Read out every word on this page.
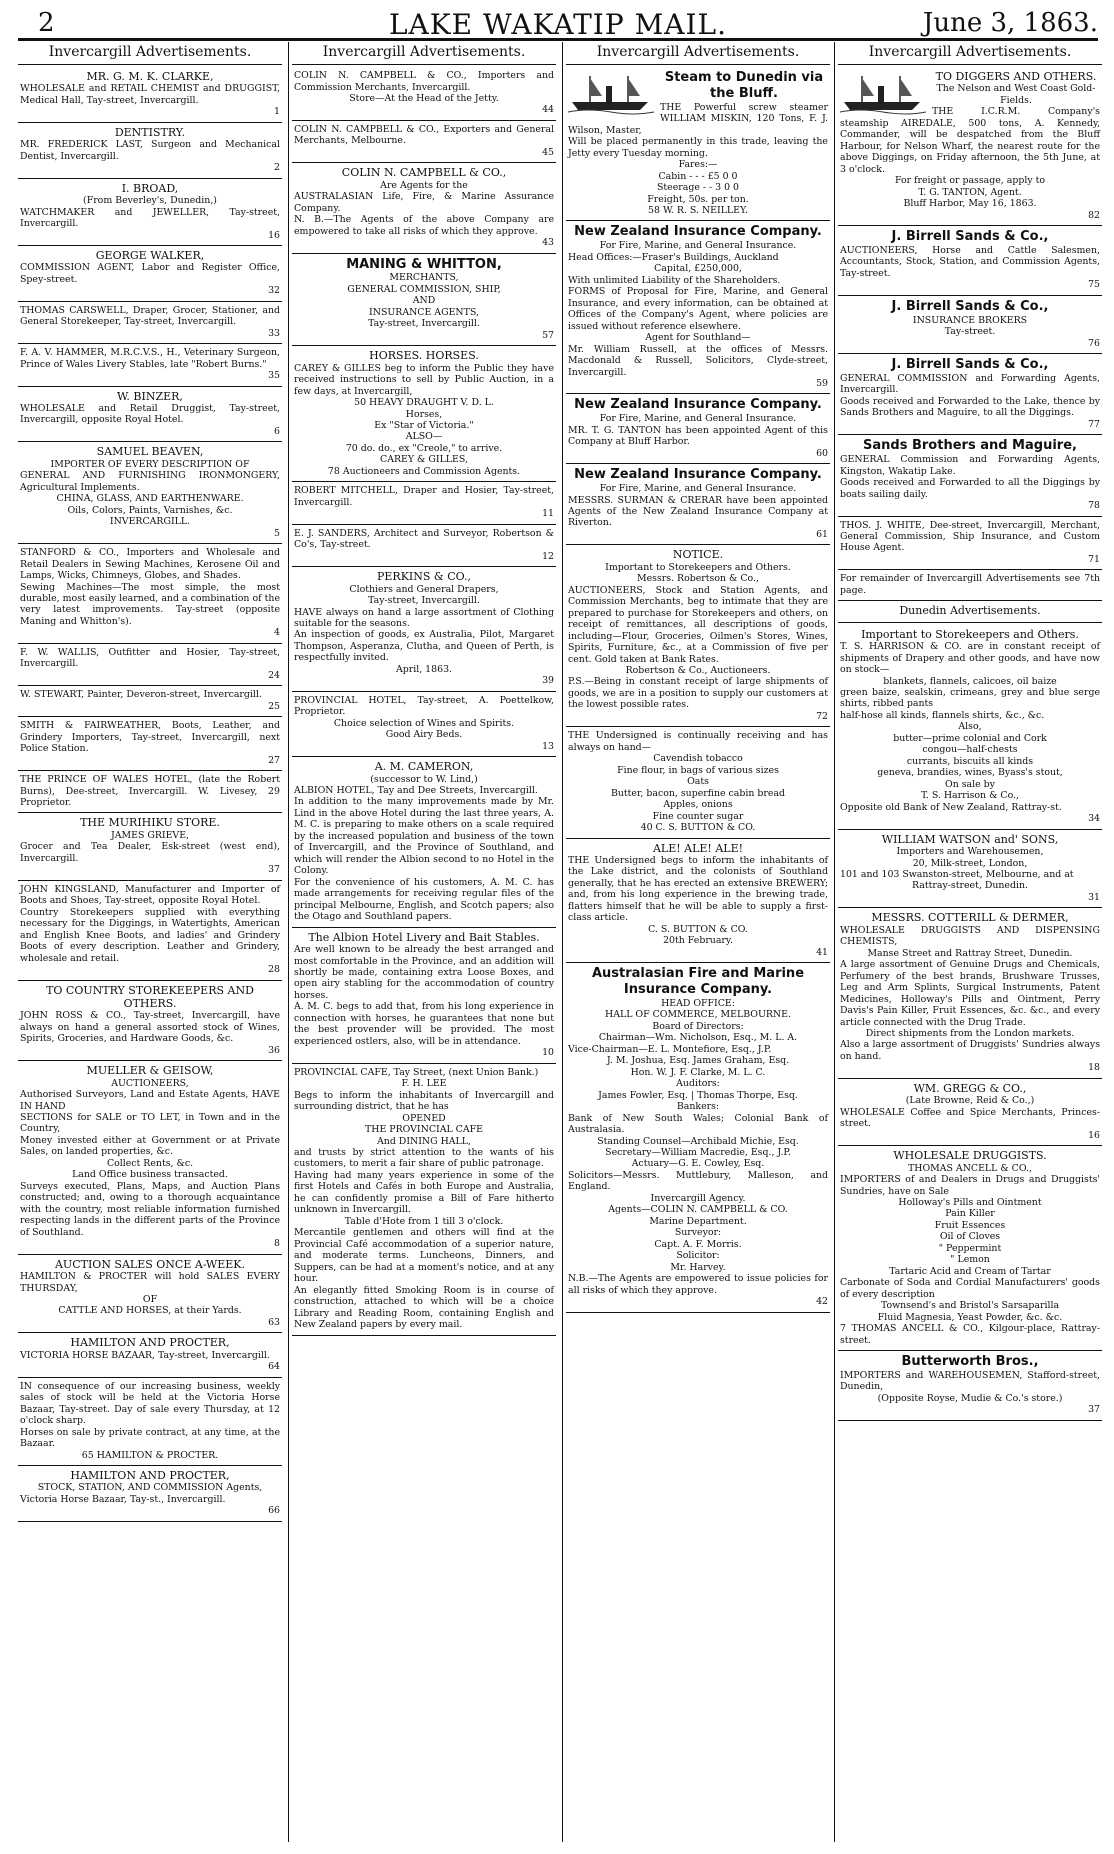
2	LAKE WAKATIP MAIL.	June 3, 1863.
Invercargill Advertisements.

MR. G. M. K. CLARKE,

WHOLESALE and RETAIL CHEMIST and DRUGGIST, Medical Hall, Tay-street, Invercargill.

1

DENTISTRY.

MR. FREDERICK LAST, Surgeon and Mechanical Dentist, Invercargill.

2

I. BROAD,

(From Beverley's, Dunedin,)

WATCHMAKER and JEWELLER, Tay-street, Invercargill.

16

GEORGE WALKER,

COMMISSION AGENT, Labor and Register Office, Spey-street.

32

THOMAS CARSWELL, Draper, Grocer, Stationer, and General Storekeeper, Tay-street, Invercargill.

33

F. A. V. HAMMER, M.R.C.V.S., H., Veterinary Surgeon, Prince of Wales Livery Stables, late "Robert Burns."

35

W. BINZER,

WHOLESALE and Retail Druggist, Tay-street, Invercargill, opposite Royal Hotel.

6

SAMUEL BEAVEN,

IMPORTER OF EVERY DESCRIPTION OF

GENERAL AND FURNISHING IRONMONGERY, Agricultural Implements.

CHINA, GLASS, AND EARTHENWARE.

Oils, Colors, Paints, Varnishes, &c.

INVERCARGILL.

5

STANFORD & CO., Importers and Wholesale and Retail Dealers in Sewing Machines, Kerosene Oil and Lamps, Wicks, Chimneys, Globes, and Shades.

Sewing Machines—The most simple, the most durable, most easily learned, and a combination of the very latest improvements. Tay-street (opposite Maning and Whitton's).

4

F. W. WALLIS, Outfitter and Hosier, Tay-street, Invercargill.

24

W. STEWART, Painter, Deveron-street, Invercargill.

25

SMITH & FAIRWEATHER, Boots, Leather, and Grindery Importers, Tay-street, Invercargill, next Police Station.

27

THE PRINCE OF WALES HOTEL, (late the Robert Burns), Dee-street, Invercargill. W. Livesey, 29 Proprietor.

THE MURIHIKU STORE.

JAMES GRIEVE,

Grocer and Tea Dealer, Esk-street (west end), Invercargill.

37

JOHN KINGSLAND, Manufacturer and Importer of Boots and Shoes, Tay-street, opposite Royal Hotel.

Country Storekeepers supplied with everything necessary for the Diggings, in Watertights, American and English Knee Boots, and ladies' and Grindery Boots of every description. Leather and Grindery, wholesale and retail.

28

TO COUNTRY STOREKEEPERS AND OTHERS.

JOHN ROSS & CO., Tay-street, Invercargill, have always on hand a general assorted stock of Wines, Spirits, Groceries, and Hardware Goods, &c.

36

MUELLER & GEISOW,

AUCTIONEERS,

Authorised Surveyors, Land and Estate Agents, HAVE IN HAND

SECTIONS for SALE or TO LET, in Town and in the Country,

Money invested either at Government or at Private Sales, on landed properties, &c.

Collect Rents, &c.

Land Office business transacted.

Surveys executed, Plans, Maps, and Auction Plans constructed; and, owing to a thorough acquaintance with the country, most reliable information furnished respecting lands in the different parts of the Province of Southland.

8

AUCTION SALES ONCE A-WEEK.

HAMILTON & PROCTER will hold SALES EVERY THURSDAY,

OF

CATTLE AND HORSES, at their Yards.

63

HAMILTON AND PROCTER,

VICTORIA HORSE BAZAAR, Tay-street, Invercargill.

64

IN consequence of our increasing business, weekly sales of stock will be held at the Victoria Horse Bazaar, Tay-street. Day of sale every Thursday, at 12 o'clock sharp.

Horses on sale by private contract, at any time, at the Bazaar.

65 HAMILTON & PROCTER.

HAMILTON AND PROCTER,

STOCK, STATION, AND COMMISSION Agents,

Victoria Horse Bazaar, Tay-st., Invercargill.

66
Invercargill Advertisements.

COLIN N. CAMPBELL & CO., Importers and Commission Merchants, Invercargill.

Store—At the Head of the Jetty.

44

COLIN N. CAMPBELL & CO., Exporters and General Merchants, Melbourne.

45

COLIN N. CAMPBELL & CO.,

Are Agents for the

AUSTRALASIAN Life, Fire, & Marine Assurance Company.

N. B.—The Agents of the above Company are empowered to take all risks of which they approve.

43

MANING & WHITTON,

MERCHANTS,

GENERAL COMMISSION, SHIP,

AND

INSURANCE AGENTS,

Tay-street, Invercargill.

57

HORSES. HORSES.

CAREY & GILLES beg to inform the Public they have received instructions to sell by Public Auction, in a few days, at Invercargill,

50 HEAVY DRAUGHT V. D. L.

Horses,

Ex "Star of Victoria."

ALSO—

70 do. do., ex "Creole," to arrive.

CAREY & GILLES,

78 Auctioneers and Commission Agents.

ROBERT MITCHELL, Draper and Hosier, Tay-street, Invercargill.

11

E. J. SANDERS, Architect and Surveyor, Robertson & Co's, Tay-street.

12

PERKINS & CO.,

Clothiers and General Drapers,

Tay-street, Invercargill.

HAVE always on hand a large assortment of Clothing suitable for the seasons.

An inspection of goods, ex Australia, Pilot, Margaret Thompson, Asperanza, Clutha, and Queen of Perth, is respectfully invited.

April, 1863.

39

PROVINCIAL HOTEL, Tay-street, A. Poettelkow, Proprietor.

Choice selection of Wines and Spirits.

Good Airy Beds.

13

A. M. CAMERON,

(successor to W. Lind,)

ALBION HOTEL, Tay and Dee Streets, Invercargill.

In addition to the many improvements made by Mr. Lind in the above Hotel during the last three years, A. M. C. is preparing to make others on a scale required by the increased population and business of the town of Invercargill, and the Province of Southland, and which will render the Albion second to no Hotel in the Colony.

For the convenience of his customers, A. M. C. has made arrangements for receiving regular files of the principal Melbourne, English, and Scotch papers; also the Otago and Southland papers.

The Albion Hotel Livery and Bait Stables.

Are well known to be already the best arranged and most comfortable in the Province, and an addition will shortly be made, containing extra Loose Boxes, and open airy stabling for the accommodation of country horses.

A. M. C. begs to add that, from his long experience in connection with horses, he guarantees that none but the best provender will be provided. The most experienced ostlers, also, will be in attendance.

10

PROVINCIAL CAFE, Tay Street, (next Union Bank.)

F. H. LEE

Begs to inform the inhabitants of Invercargill and surrounding district, that he has

OPENED

THE PROVINCIAL CAFE

And DINING HALL,

and trusts by strict attention to the wants of his customers, to merit a fair share of public patronage.

Having had many years experience in some of the first Hotels and Cafés in both Europe and Australia, he can confidently promise a Bill of Fare hitherto unknown in Invercargill.

Table d'Hote from 1 till 3 o'clock.

Mercantile gentlemen and others will find at the Provincial Café accommodation of a superior nature, and moderate terms. Luncheons, Dinners, and Suppers, can be had at a moment's notice, and at any hour.

An elegantly fitted Smoking Room is in course of construction, attached to which will be a choice Library and Reading Room, containing English and New Zealand papers by every mail.

Invercargill Advertisements.

Steam to Dunedin via the Bluff.

THE Powerful screw steamer WILLIAM MISKIN, 120 Tons, F. J. Wilson, Master,

Will be placed permanently in this trade, leaving the Jetty every Tuesday morning.

Fares:—

Cabin - - - £5 0 0

Steerage - - 3 0 0

Freight, 50s. per ton.

58 W. R. S. NEILLEY.

New Zealand Insurance Company.

For Fire, Marine, and General Insurance.

Head Offices:—Fraser's Buildings, Auckland

Capital, £250,000,

With unlimited Liability of the Shareholders.

FORMS of Proposal for Fire, Marine, and General Insurance, and every information, can be obtained at Offices of the Company's Agent, where policies are issued without reference elsewhere.

Agent for Southland—

Mr. William Russell, at the offices of Messrs. Macdonald & Russell, Solicitors, Clyde-street, Invercargill.

59

New Zealand Insurance Company.

For Fire, Marine, and General Insurance.

MR. T. G. TANTON has been appointed Agent of this Company at Bluff Harbor.

60

New Zealand Insurance Company.

For Fire, Marine, and General Insurance.

MESSRS. SURMAN & CRERAR have been appointed Agents of the New Zealand Insurance Company at Riverton.

61

NOTICE.

Important to Storekeepers and Others.

Messrs. Robertson & Co.,

AUCTIONEERS, Stock and Station Agents, and Commission Merchants, beg to intimate that they are prepared to purchase for Storekeepers and others, on receipt of remittances, all descriptions of goods, including—Flour, Groceries, Oilmen's Stores, Wines, Spirits, Furniture, &c., at a Commission of five per cent. Gold taken at Bank Rates.

Robertson & Co., Auctioneers.

P.S.—Being in constant receipt of large shipments of goods, we are in a position to supply our customers at the lowest possible rates.

72

THE Undersigned is continually receiving and has always on hand—

Cavendish tobacco

Fine flour, in bags of various sizes

Oats

Butter, bacon, superfine cabin bread

Apples, onions

Fine counter sugar

40 C. S. BUTTON & CO.

ALE! ALE! ALE!

THE Undersigned begs to inform the inhabitants of the Lake district, and the colonists of Southland generally, that he has erected an extensive BREWERY; and, from his long experience in the brewing trade, flatters himself that he will be able to supply a first-class article.

C. S. BUTTON & CO.

20th February.

41

Australasian Fire and Marine Insurance Company.

HEAD OFFICE:

HALL OF COMMERCE, MELBOURNE.

Board of Directors:

Chairman—Wm. Nicholson, Esq., M. L. A.

Vice-Chairman—E. L. Montefiore, Esq., J.P.

J. M. Joshua, Esq. James Graham, Esq.

Hon. W. J. F. Clarke, M. L. C.

Auditors:

James Fowler, Esq. | Thomas Thorpe, Esq.

Bankers:

Bank of New South Wales; Colonial Bank of Australasia.

Standing Counsel—Archibald Michie, Esq.

Secretary—William Macredie, Esq., J.P.

Actuary—G. E. Cowley, Esq.

Solicitors—Messrs. Muttlebury, Malleson, and England.

Invercargill Agency.

Agents—COLIN N. CAMPBELL & CO.

Marine Department.

Surveyor:

Capt. A. F. Morris.

Solicitor:

Mr. Harvey.

N.B.—The Agents are empowered to issue policies for all risks of which they approve.

42
Invercargill Advertisements.

TO DIGGERS AND OTHERS.

The Nelson and West Coast Gold-Fields.

THE I.C.R.M. Company's steamship AIREDALE, 500 tons, A. Kennedy, Commander, will be despatched from the Bluff Harbour, for Nelson Wharf, the nearest route for the above Diggings, on Friday afternoon, the 5th June, at 3 o'clock.

For freight or passage, apply to

T. G. TANTON, Agent.

Bluff Harbor, May 16, 1863.

82

J. Birrell Sands & Co.,

AUCTIONEERS, Horse and Cattle Salesmen, Accountants, Stock, Station, and Commission Agents, Tay-street.

75

J. Birrell Sands & Co.,

INSURANCE BROKERS

Tay-street.

76

J. Birrell Sands & Co.,

GENERAL COMMISSION and Forwarding Agents, Invercargill.

Goods received and Forwarded to the Lake, thence by Sands Brothers and Maguire, to all the Diggings.

77

Sands Brothers and Maguire,

GENERAL Commission and Forwarding Agents, Kingston, Wakatip Lake.

Goods received and Forwarded to all the Diggings by boats sailing daily.

78

THOS. J. WHITE, Dee-street, Invercargill, Merchant, General Commission, Ship Insurance, and Custom House Agent.

71

For remainder of Invercargill Advertisements see 7th page.

Dunedin Advertisements.

Important to Storekeepers and Others.

T. S. HARRISON & CO. are in constant receipt of shipments of Drapery and other goods, and have now on stock—

blankets, flannels, calicoes, oil baize

green baize, sealskin, crimeans, grey and blue serge shirts, ribbed pants

half-hose all kinds, flannels shirts, &c., &c.

Also,

butter—prime colonial and Cork

congou—half-chests

currants, biscuits all kinds

geneva, brandies, wines, Byass's stout,

On sale by

T. S. Harrison & Co.,

Opposite old Bank of New Zealand, Rattray-st.

34

WILLIAM WATSON and' SONS,

Importers and Warehousemen,

20, Milk-street, London,

101 and 103 Swanston-street, Melbourne, and at

Rattray-street, Dunedin.

31

MESSRS. COTTERILL & DERMER,

WHOLESALE DRUGGISTS AND DISPENSING CHEMISTS,

Manse Street and Rattray Street, Dunedin.

A large assortment of Genuine Drugs and Chemicals, Perfumery of the best brands, Brushware Trusses, Leg and Arm Splints, Surgical Instruments, Patent Medicines, Holloway's Pills and Ointment, Perry Davis's Pain Killer, Fruit Essences, &c. &c., and every article connected with the Drug Trade.

Direct shipments from the London markets.

Also a large assortment of Druggists' Sundries always on hand.

18

WM. GREGG & CO.,

(Late Browne, Reid & Co.,)

WHOLESALE Coffee and Spice Merchants, Princes-street.

16

WHOLESALE DRUGGISTS.

THOMAS ANCELL & CO.,

IMPORTERS of and Dealers in Drugs and Druggists' Sundries, have on Sale

Holloway's Pills and Ointment

Pain Killer

Fruit Essences

Oil of Cloves

" Peppermint

" Lemon

Tartaric Acid and Cream of Tartar

Carbonate of Soda and Cordial Manufacturers' goods of every description

Townsend's and Bristol's Sarsaparilla

Fluid Magnesia, Yeast Powder, &c. &c.

7 THOMAS ANCELL & CO., Kilgour-place, Rattray-street.

Butterworth Bros.,

IMPORTERS and WAREHOUSEMEN, Stafford-street, Dunedin,

(Opposite Royse, Mudie & Co.'s store.)

37
